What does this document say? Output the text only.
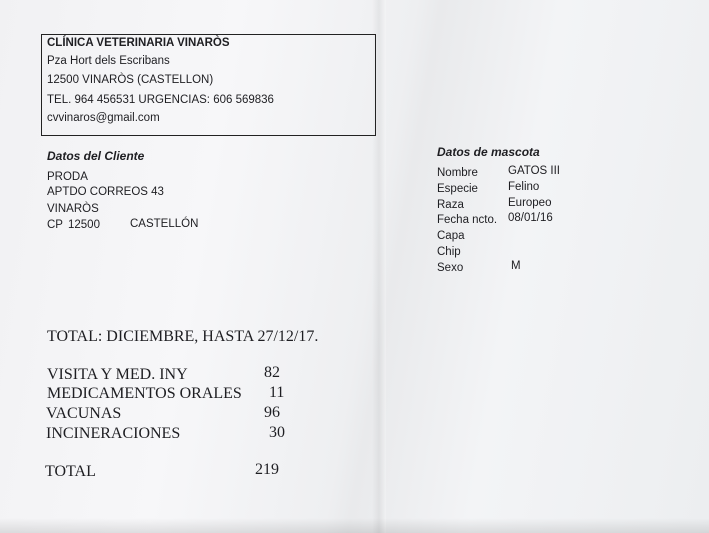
CLÍNICA VETERINARIA VINARÒS
Pza Hort dels Escribans
12500 VINARÒS (CASTELLON)
TEL. 964 456531 URGENCIAS: 606 569836
cvvinaros@gmail.com
Datos del Cliente
PRODA
APTDO CORREOS 43
VINARÒS
CP 12500	CASTELLÓN
Datos de mascota
Nombre	GATOS III
Especie	Felino
Raza	Europeo
Fecha ncto. 08/01/16
Capa
Chip
Sexo	M
TOTAL: DICIEMBRE, HASTA 27/12/17.
VISITA Y MED. INY	82
MEDICAMENTOS ORALES 11
VACUNAS	96
INCINERACIONES	30
TOTAL	219
